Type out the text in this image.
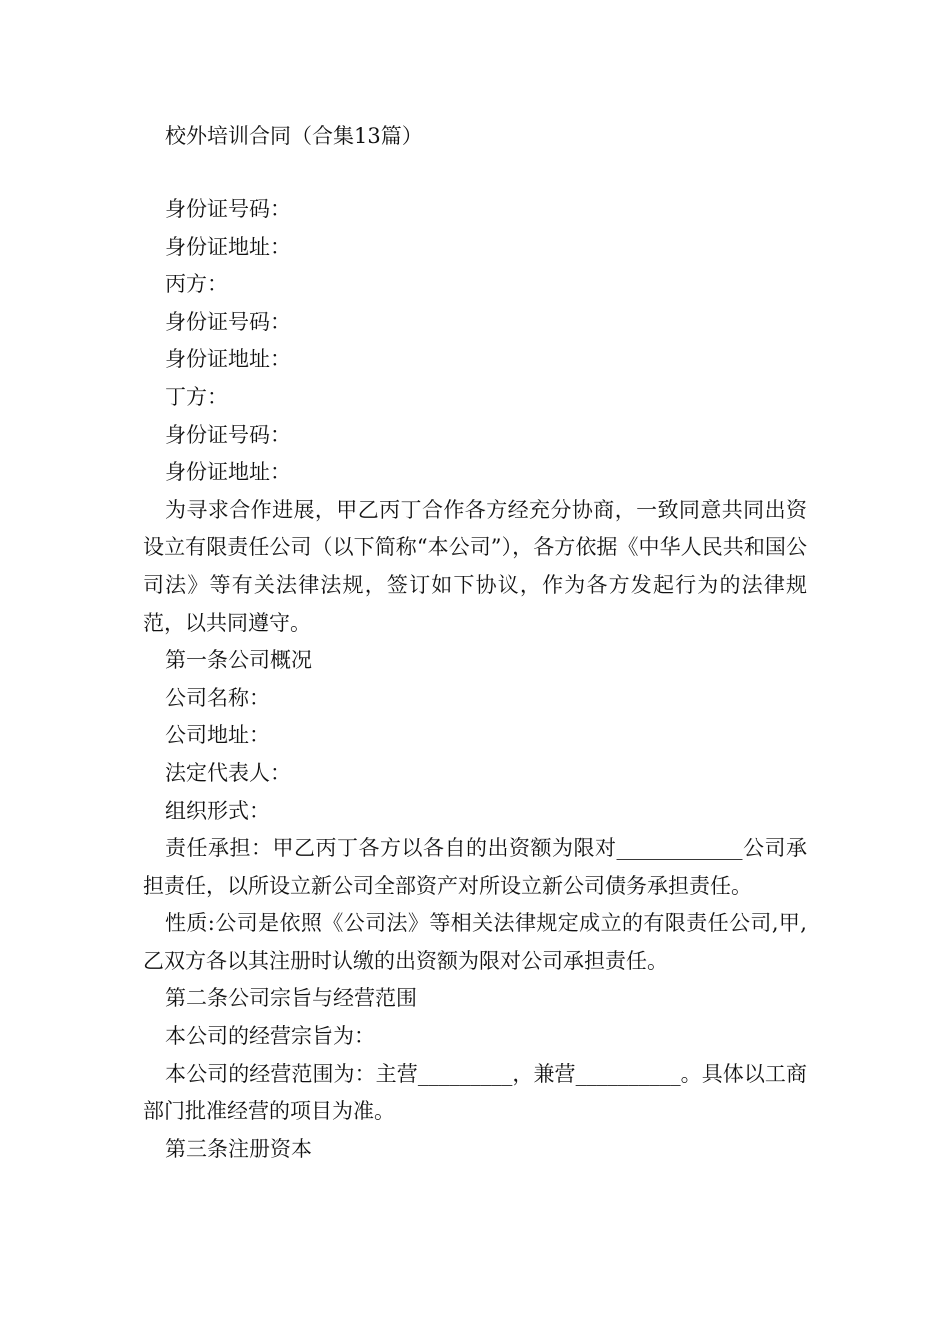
校外培训合同（合集13篇）
身份证号码：
身份证地址：
丙方：
身份证号码：
身份证地址：
丁方：
身份证号码：
身份证地址：

为寻求合作进展，甲乙丙丁合作各方经充分协商，一致同意共同出资设立有限责任公司（以下简称“本公司”），各方依据《中华人民共和国公司法》等有关法律法规，签订如下协议，作为各方发起行为的法律规范，以共同遵守。

第一条公司概况
公司名称：
公司地址：
法定代表人：
组织形式：

责任承担：甲乙丙丁各方以各自的出资额为限对____________公司承担责任，以所设立新公司全部资产对所设立新公司债务承担责任。

性质:公司是依照《公司法》等相关法律规定成立的有限责任公司,甲,乙双方各以其注册时认缴的出资额为限对公司承担责任。

第二条公司宗旨与经营范围
本公司的经营宗旨为：

本公司的经营范围为：主营_________，兼营__________。具体以工商部门批准经营的项目为准。

第三条注册资本
